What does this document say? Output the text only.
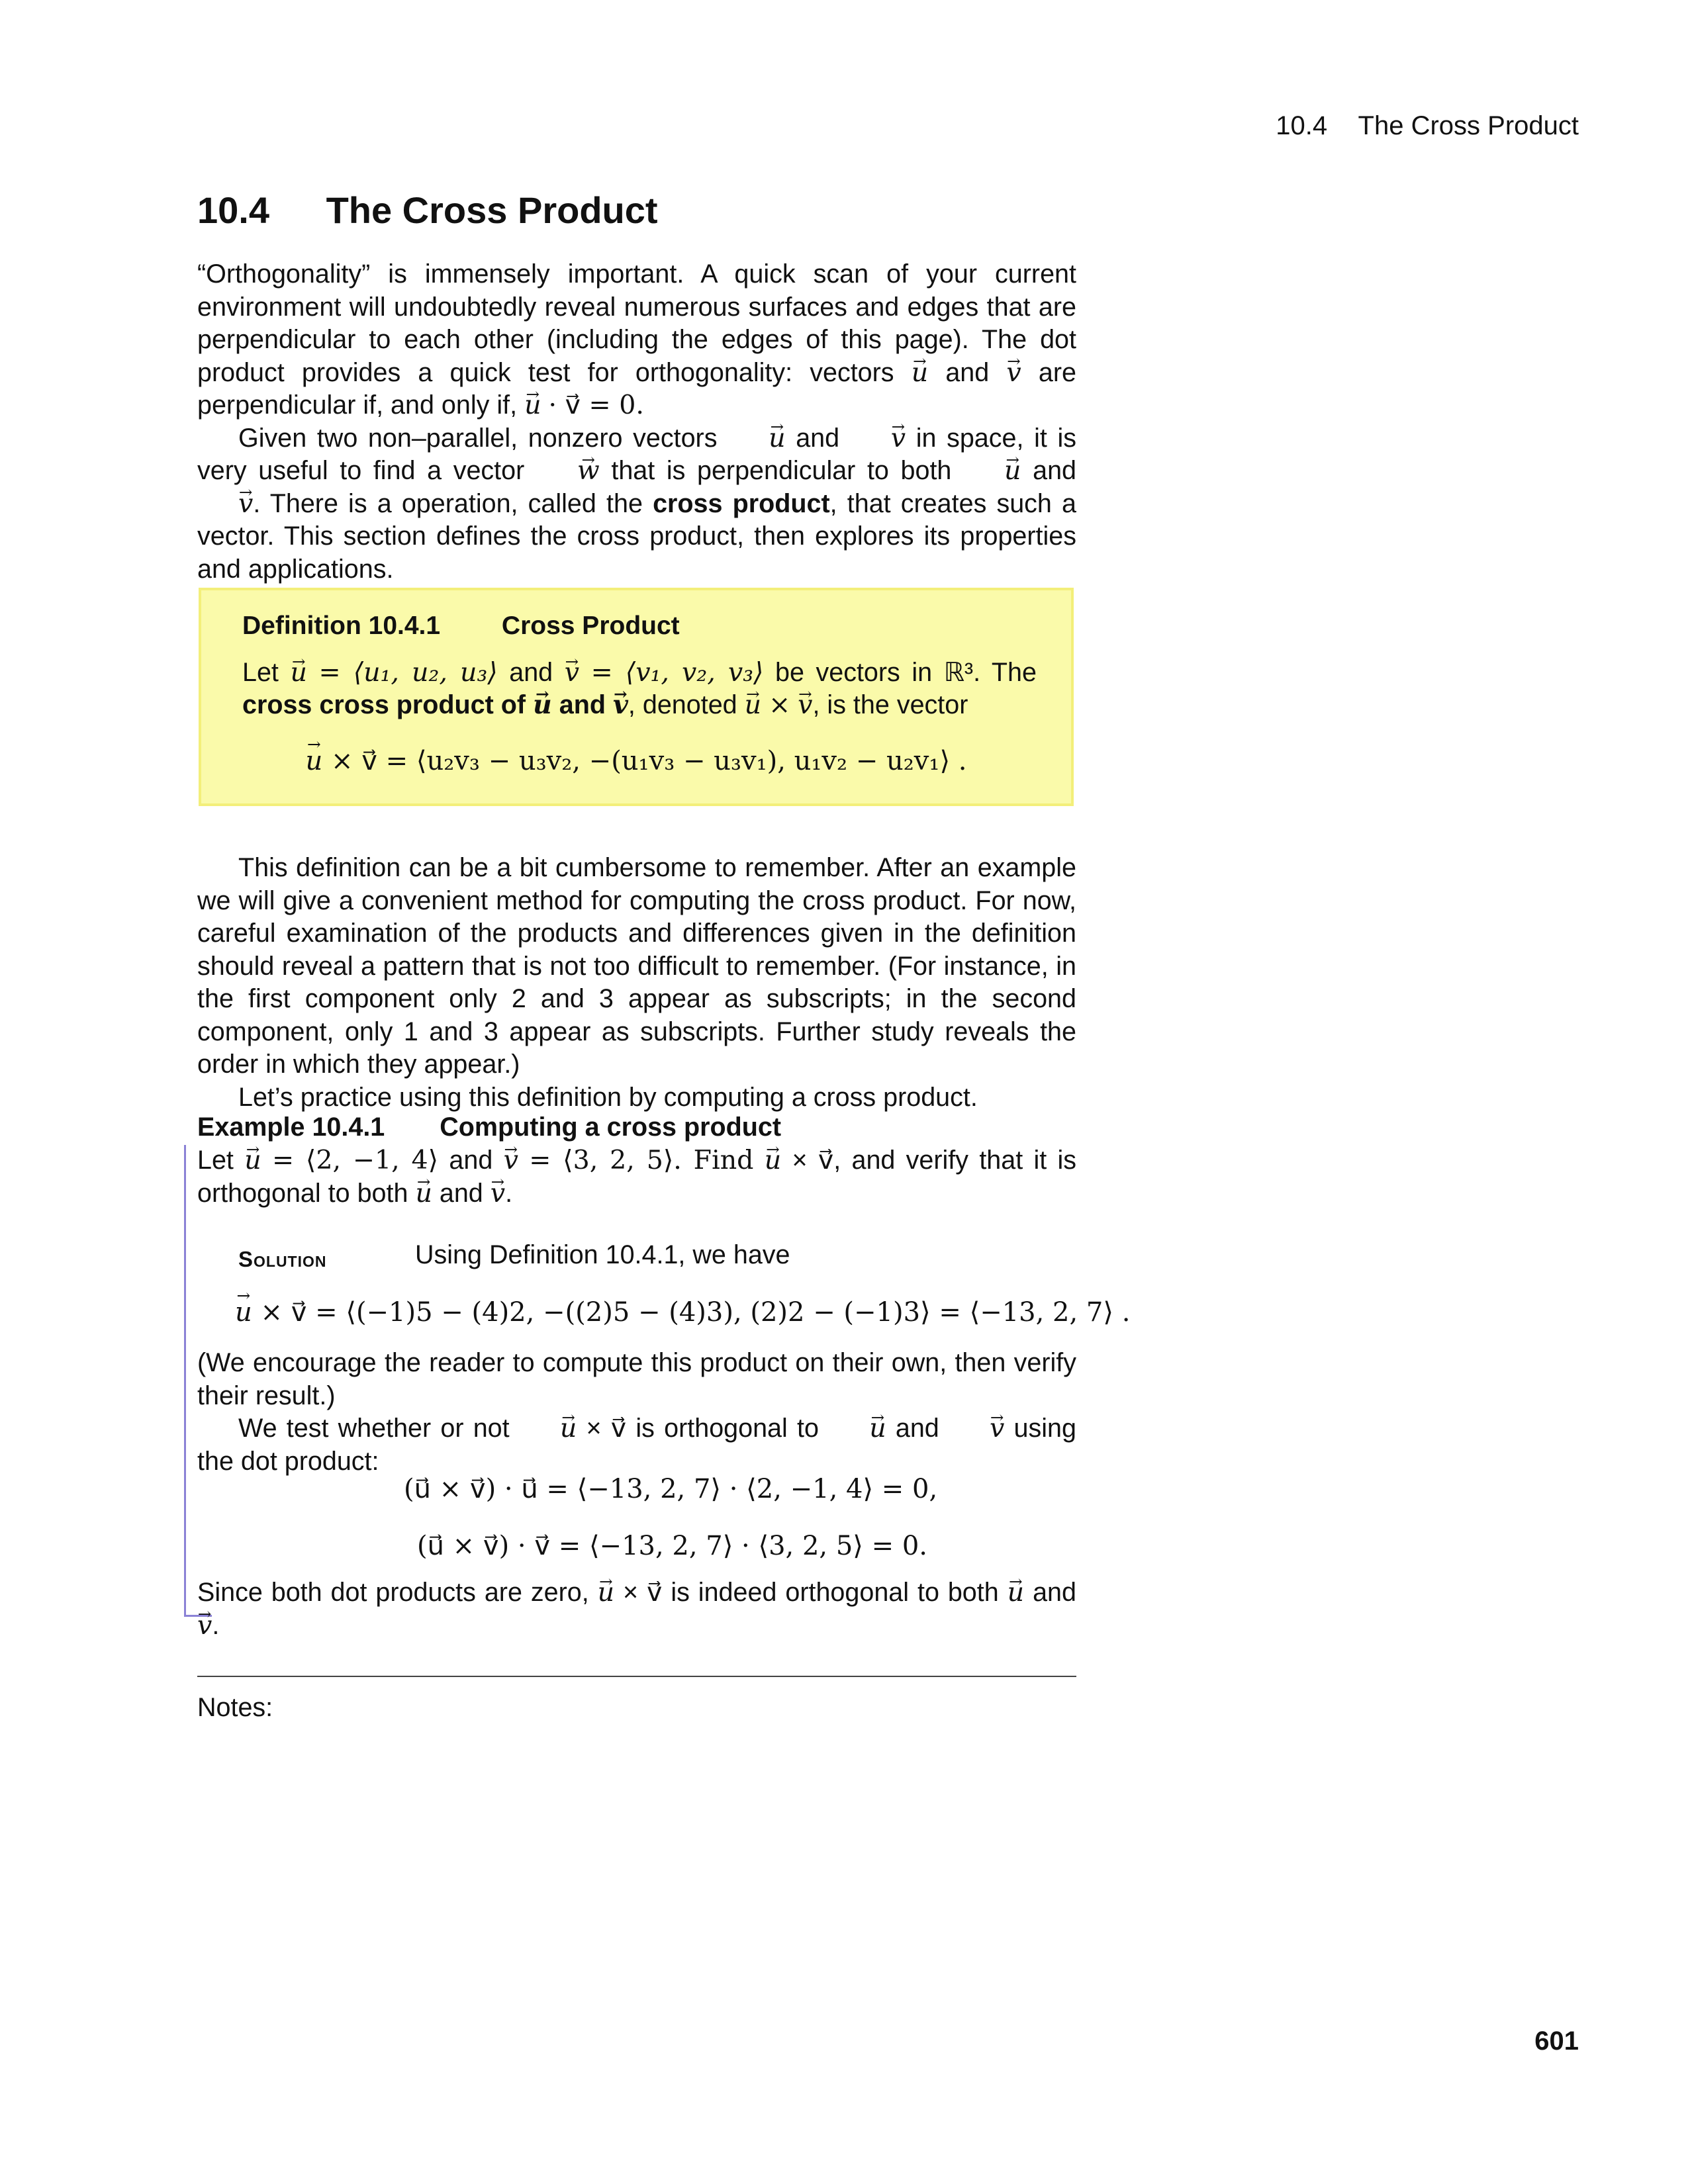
10.4 The Cross Product
10.4 The Cross Product

“Orthogonality” is immensely important. A quick scan of your current environment will undoubtedly reveal numerous surfaces and edges that are perpendicular to each other (including the edges of this page). The dot product provides a quick test for orthogonality: vectors → u and → v are perpendicular if, and only if, → u · v⃗ = 0.

Given two non–parallel, nonzero vectors → u and → v in space, it is very useful to find a vector → w that is perpendicular to both → u and → v. There is a operation, called the cross product, that creates such a vector. This section defines the cross product, then explores its properties and applications.

Definition 10.4.1 Cross Product
Let → u = ⟨u₁, u₂, u₃⟩ and → v = ⟨v₁, v₂, v₃⟩ be vectors in ℝ³. The cross cross product of → u and → v, denoted → u × → v, is the vector
→ u × v⃗ = ⟨u₂v₃ − u₃v₂, −(u₁v₃ − u₃v₁), u₁v₂ − u₂v₁⟩ .

This definition can be a bit cumbersome to remember. After an example we will give a convenient method for computing the cross product. For now, careful examination of the products and differences given in the definition should reveal a pattern that is not too difficult to remember. (For instance, in the first component only 2 and 3 appear as subscripts; in the second component, only 1 and 3 appear as subscripts. Further study reveals the order in which they appear.)

Let’s practice using this definition by computing a cross product.

Example 10.4.1 Computing a cross product

Let → u = ⟨2, −1, 4⟩ and → v = ⟨3, 2, 5⟩. Find → u × v⃗, and verify that it is orthogonal to both → u and → v.

Solution	Using Definition 10.4.1, we have
→ u × v⃗ = ⟨(−1)5 − (4)2, −((2)5 − (4)3), (2)2 − (−1)3⟩ = ⟨−13, 2, 7⟩ .

(We encourage the reader to compute this product on their own, then verify their result.)

We test whether or not → u × v⃗ is orthogonal to → u and → v using the dot product:

(u⃗ × v⃗) · u⃗ = ⟨−13, 2, 7⟩ · ⟨2, −1, 4⟩ = 0,
(u⃗ × v⃗) · v⃗ = ⟨−13, 2, 7⟩ · ⟨3, 2, 5⟩ = 0.

Since both dot products are zero, → u × v⃗ is indeed orthogonal to both → u and → v.

Notes:
601
